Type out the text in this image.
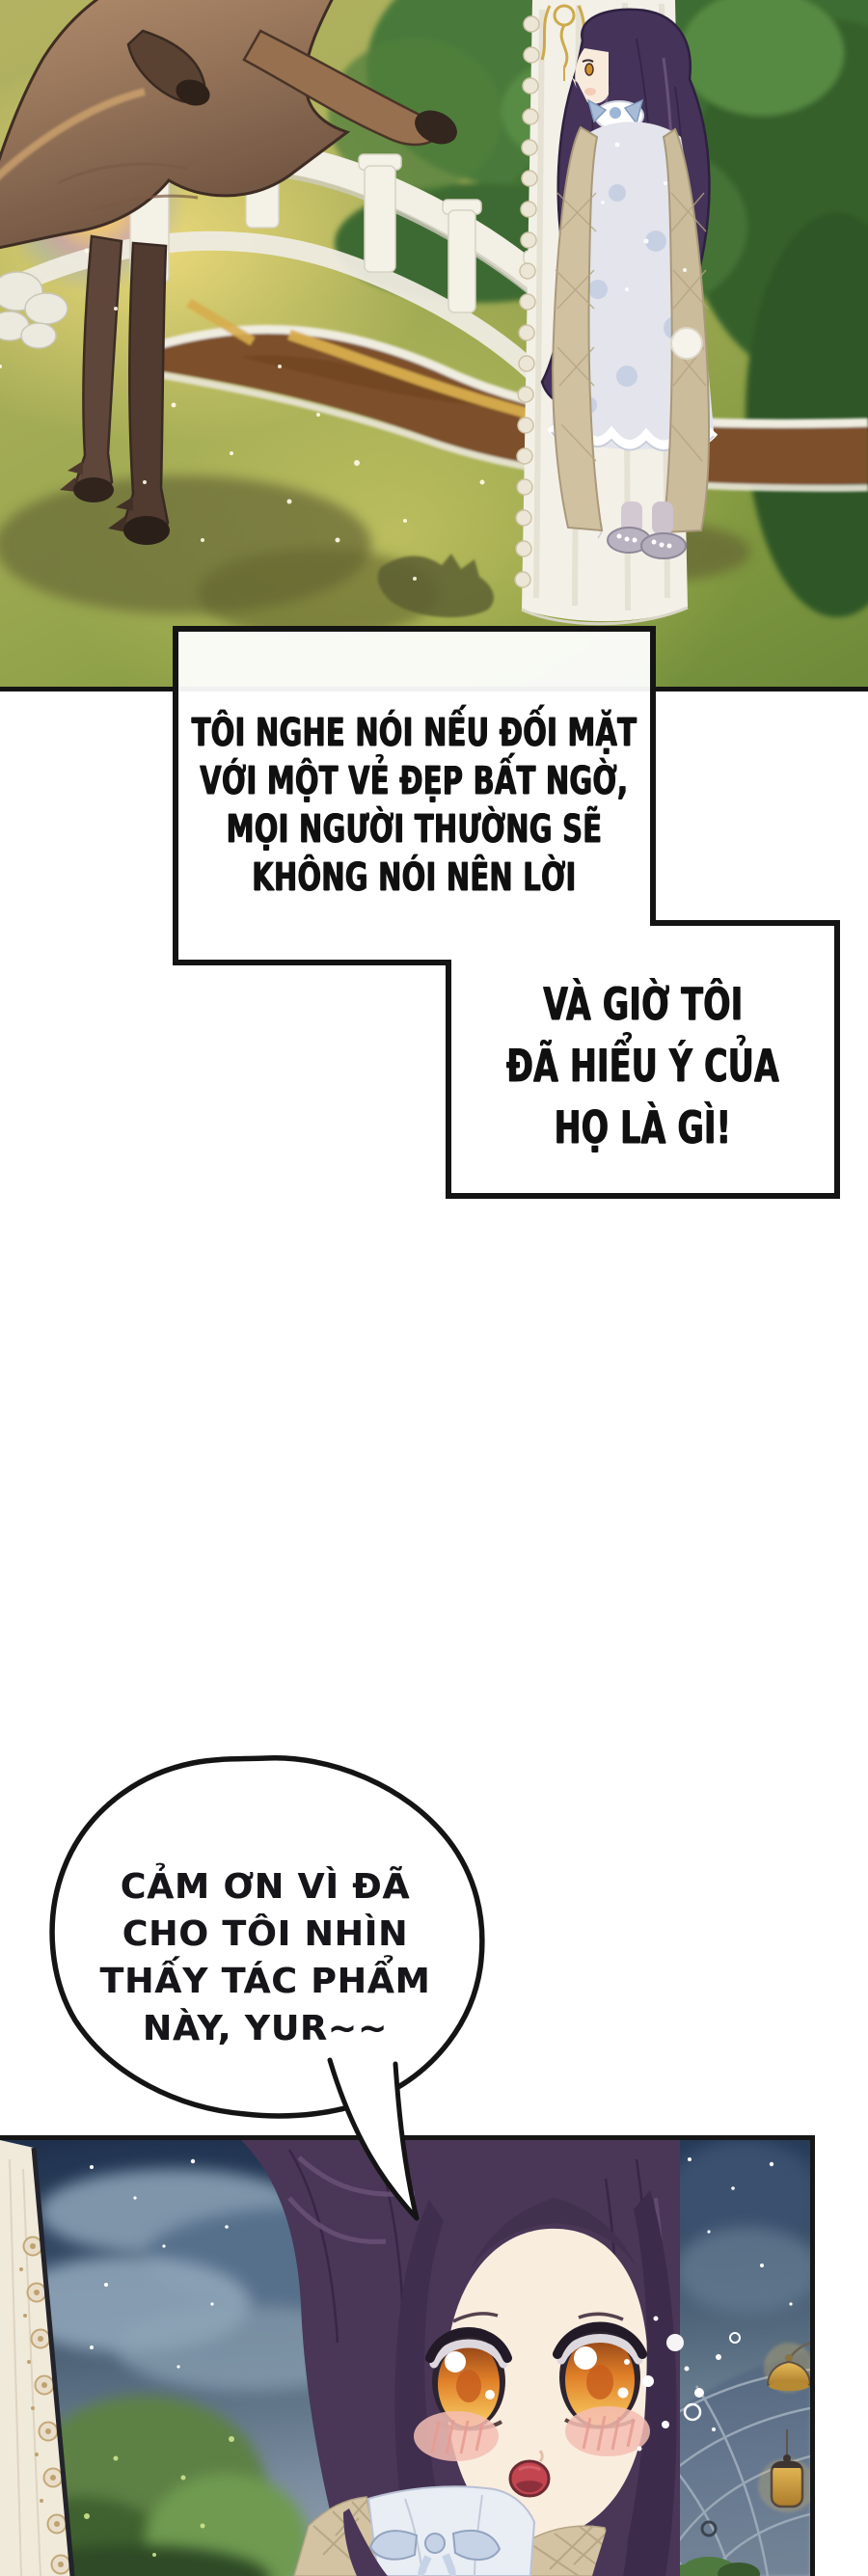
TÔI NGHE NÓI NẾU ĐỐI MẶT
VỚI MỘT VẺ ĐẸP BẤT NGỜ,
MỌI NGƯỜI THƯỜNG SẼ
KHÔNG NÓI NÊN LỜI
VÀ GIỜ TÔI
ĐÃ HIỂU Ý CỦA
HỌ LÀ GÌ!
CẢM ƠN VÌ ĐÃ
CHO TÔI NHÌN
THẤY TÁC PHẨM
NÀY, YUR~~
